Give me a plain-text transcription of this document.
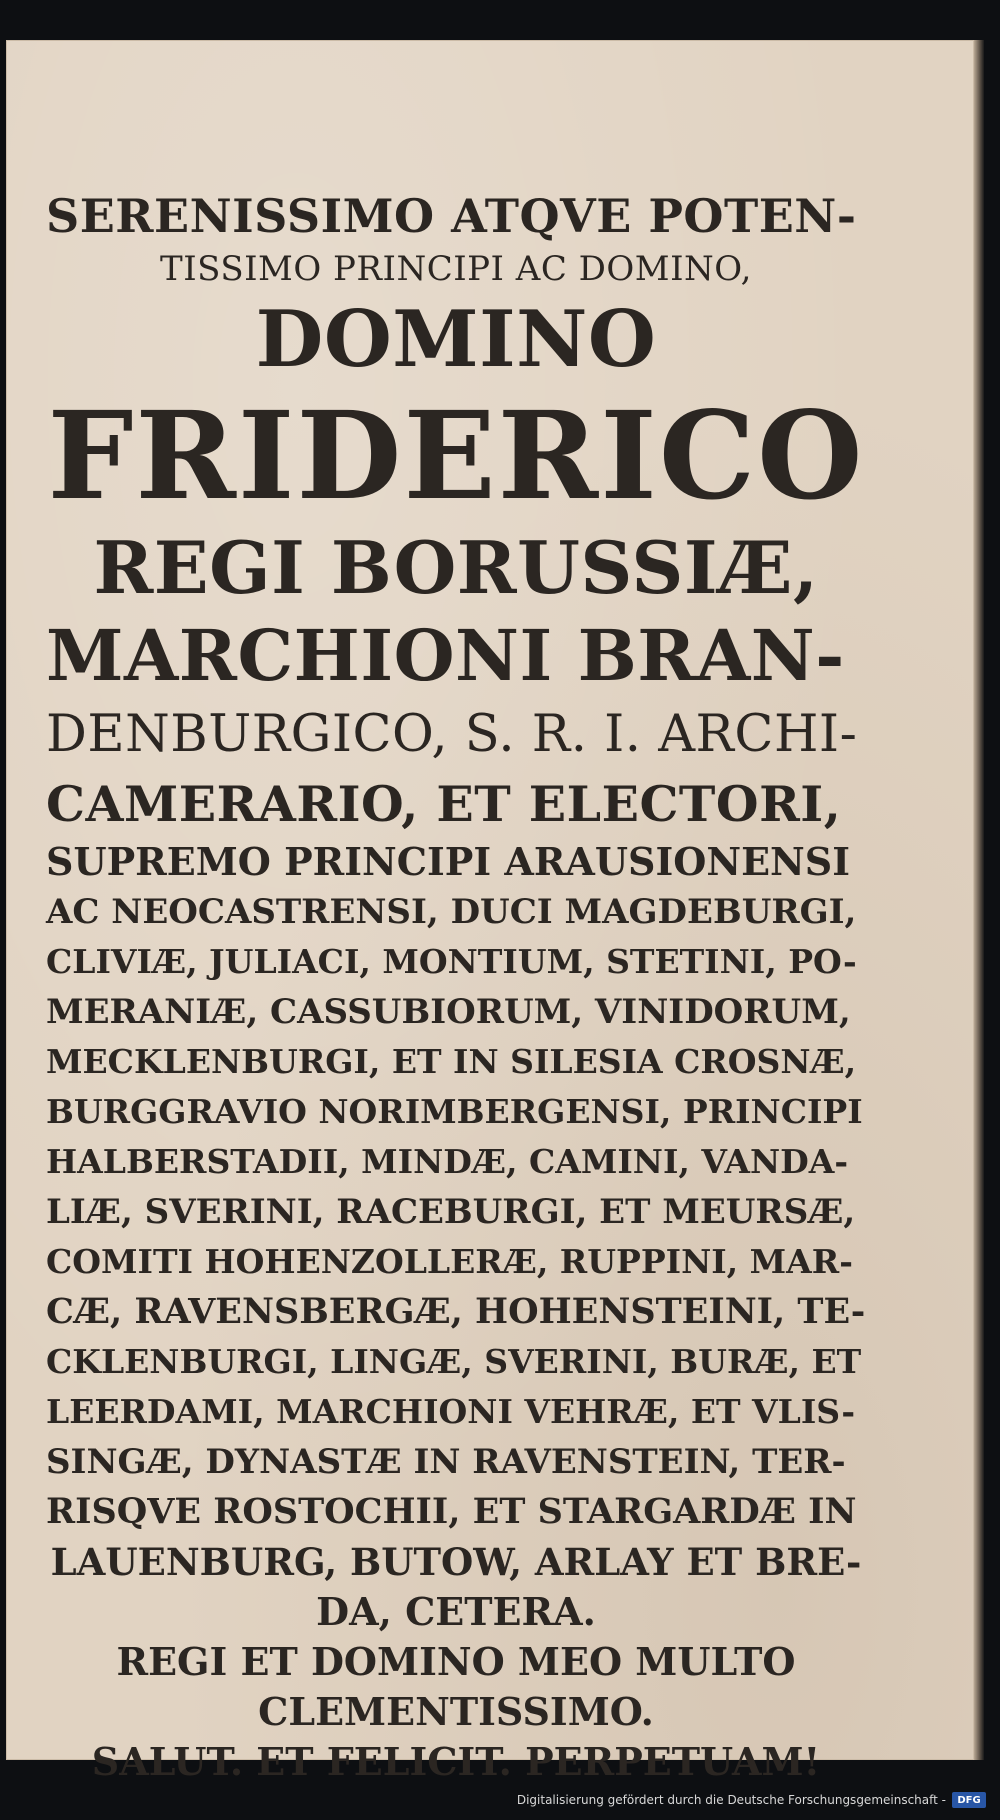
SERENISSIMO ATQVE POTEN-
TISSIMO PRINCIPI AC DOMINO,
DOMINO
FRIDERICO
REGI BORUSSIÆ,
MARCHIONI BRAN-
DENBURGICO, S. R. I. ARCHI-
CAMERARIO, ET ELECTORI,
SUPREMO PRINCIPI ARAUSIONENSI
AC NEOCASTRENSI, DUCI MAGDEBURGI,
CLIVIÆ, JULIACI, MONTIUM, STETINI, PO-
MERANIÆ, CASSUBIORUM, VINIDORUM,
MECKLENBURGI, ET IN SILESIA CROSNÆ,
BURGGRAVIO NORIMBERGENSI, PRINCIPI
HALBERSTADII, MINDÆ, CAMINI, VANDA-
LIÆ, SVERINI, RACEBURGI, ET MEURSÆ,
COMITI HOHENZOLLERÆ, RUPPINI, MAR-
CÆ, RAVENSBERGÆ, HOHENSTEINI, TE-
CKLENBURGI, LINGÆ, SVERINI, BURÆ, ET
LEERDAMI, MARCHIONI VEHRÆ, ET VLIS-
SINGÆ, DYNASTÆ IN RAVENSTEIN, TER-
RISQVE ROSTOCHII, ET STARGARDÆ IN
LAUENBURG, BUTOW, ARLAY ET BRE-
DA, CETERA.
REGI ET DOMINO MEO MULTO
CLEMENTISSIMO.
SALUT. ET FELICIT. PERPETUAM!
Digitalisierung gefördert durch die Deutsche Forschungsgemeinschaft -	DFG
